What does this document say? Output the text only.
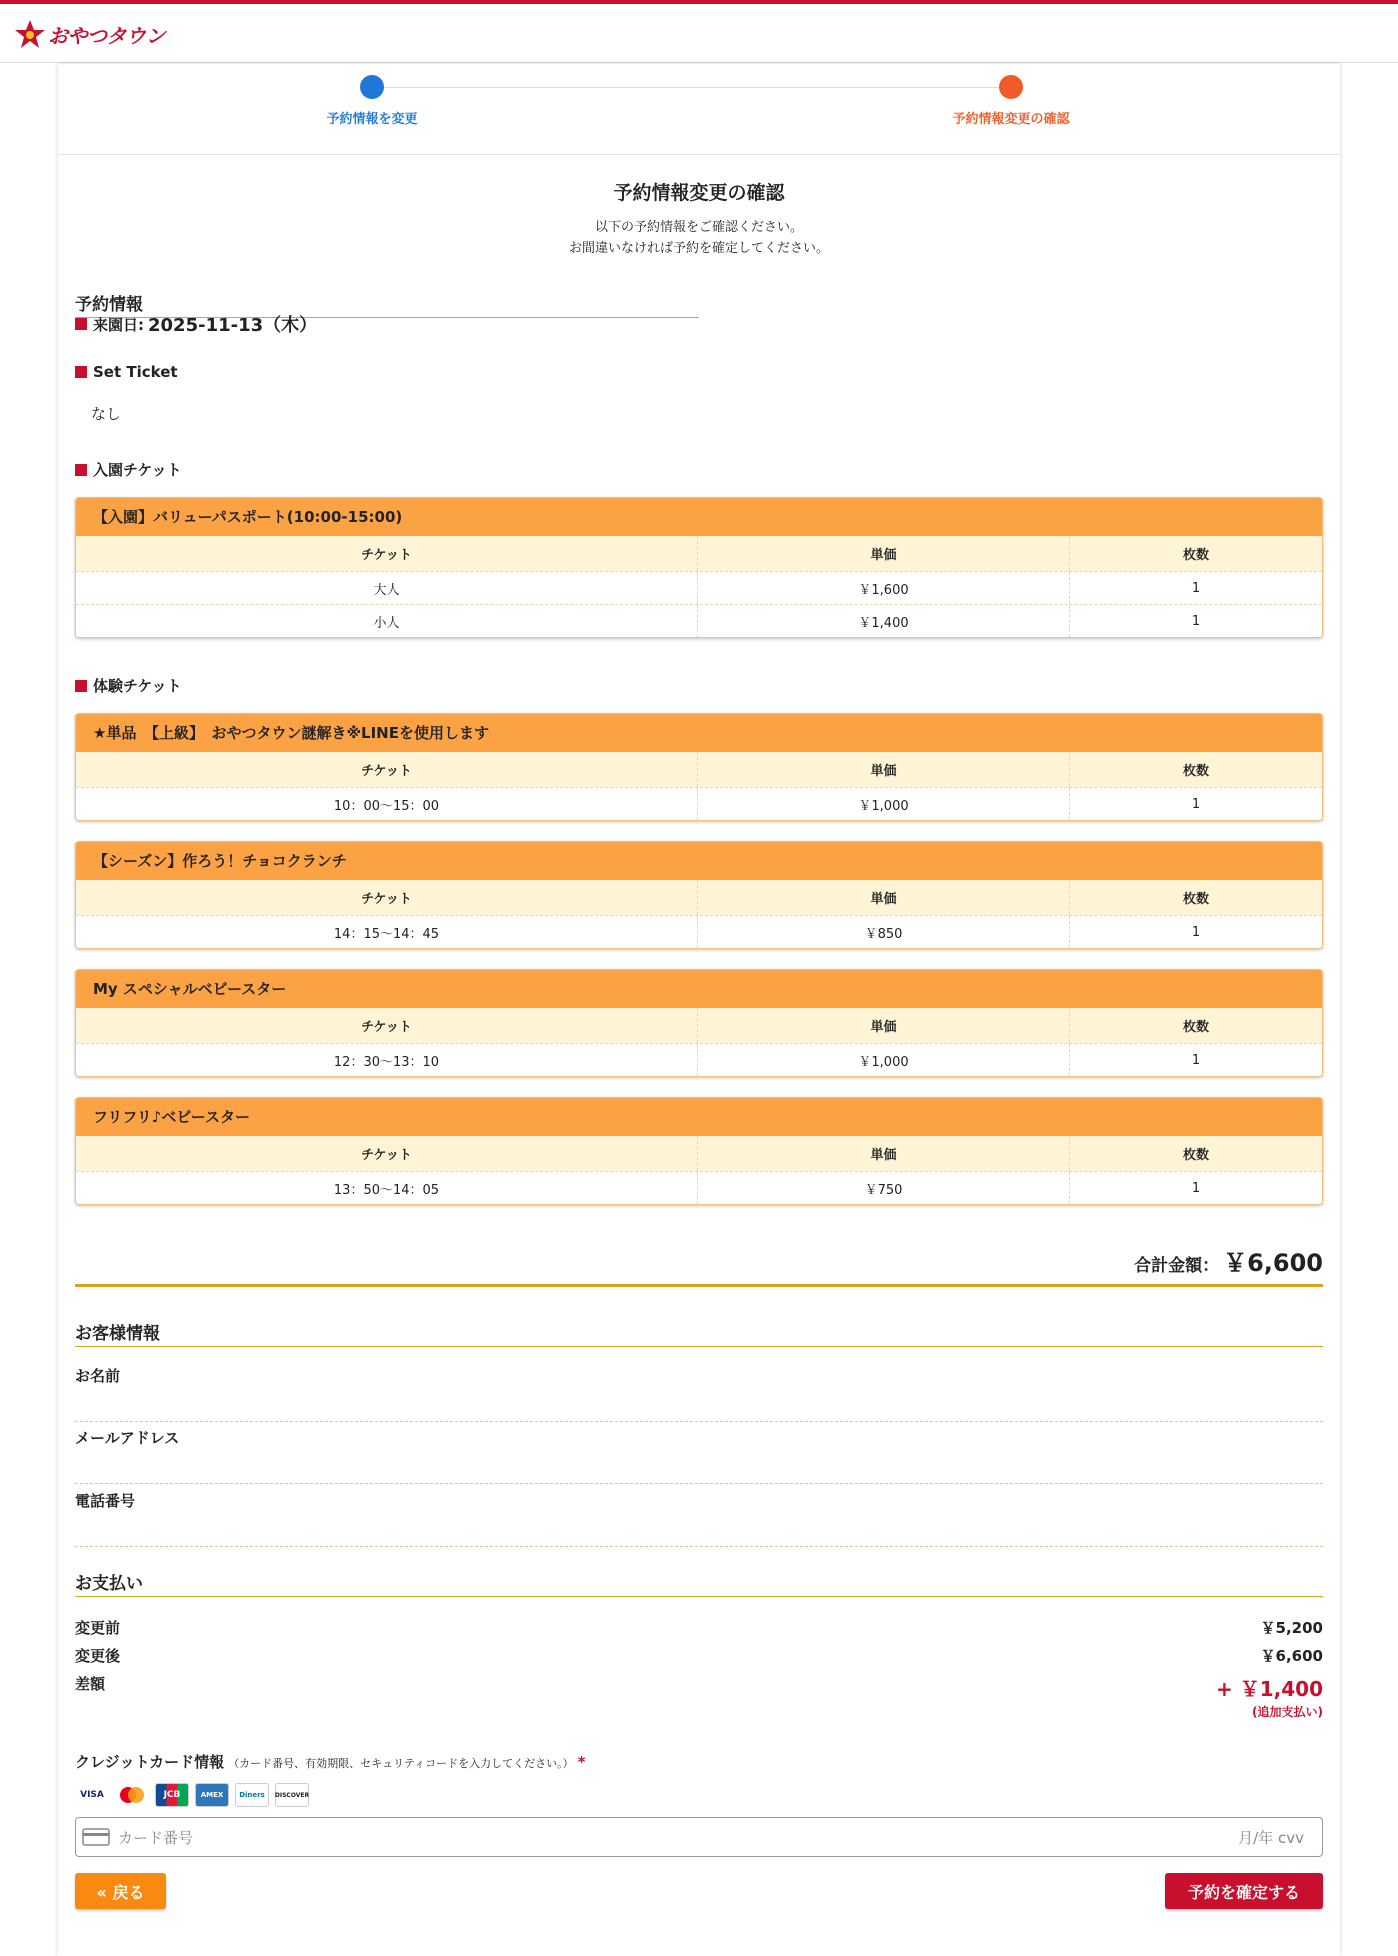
おやつタウン
予約情報を変更	予約情報変更の確認
予約情報変更の確認
以下の予約情報をご確認ください。
お間違いなければ予約を確定してください。
予約情報
来園日: 2025-11-13（木）
Set Ticket
なし
入園チケット
【入園】バリューパスポート(10:00-15:00)
チケット	単価	枚数
大人	￥1,600	1
小人	￥1,400	1
体験チケット
★単品　【上級】　おやつタウン謎解き※LINEを使用します
チケット	単価	枚数
10：00～15：00	￥1,000	1
【シーズン】作ろう！チョコクランチ
チケット	単価	枚数
14：15～14：45	￥850	1
My スペシャルベビースター
チケット	単価	枚数
12：30～13：10	￥1,000	1
フリフリ♪ベビースター
チケット	単価	枚数
13：50～14：05	￥750	1
合計金額： ￥6,600
お客様情報
お名前
メールアドレス
電話番号
お支払い
変更前	￥5,200
変更後	￥6,600
差額	+ ￥1,400
(追加支払い)
クレジットカード情報 （カード番号、有効期限、セキュリティコードを入力してください。） *
VISA	JCB	AMEX	Diners	DISCOVER
カード番号	月/年 cvv
« 戻る	予約を確定する
